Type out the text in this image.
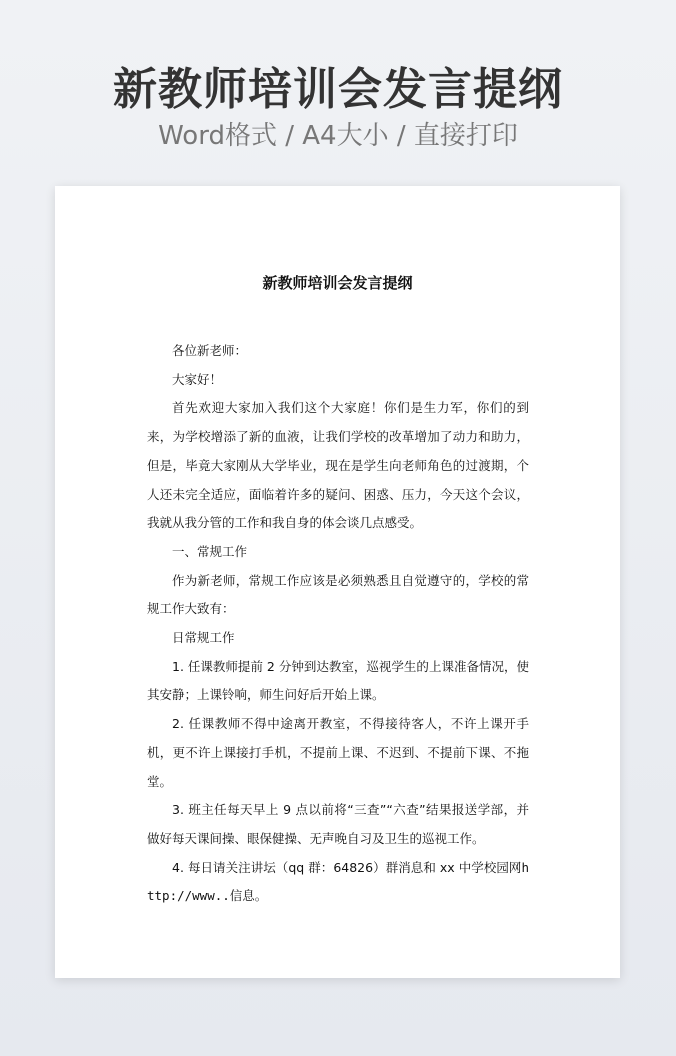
新教师培训会发言提纲
Word格式 / A4大小 / 直接打印
新教师培训会发言提纲

各位新老师：

大家好！

首先欢迎大家加入我们这个大家庭！你们是生力军，你们的到来，为学校增添了新的血液，让我们学校的改革增加了动力和助力，但是，毕竟大家刚从大学毕业，现在是学生向老师角色的过渡期，个人还未完全适应，面临着许多的疑问、困惑、压力，今天这个会议，我就从我分管的工作和我自身的体会谈几点感受。

一、常规工作

作为新老师，常规工作应该是必须熟悉且自觉遵守的，学校的常规工作大致有：

日常规工作

1. 任课教师提前 2 分钟到达教室，巡视学生的上课准备情况，使其安静；上课铃响，师生问好后开始上课。

2. 任课教师不得中途离开教室，不得接待客人，不许上课开手机，更不许上课接打手机，不提前上课、不迟到、不提前下课、不拖堂。

3. 班主任每天早上 9 点以前将“三查”“六查”结果报送学部，并做好每天课间操、眼保健操、无声晚自习及卫生的巡视工作。

4. 每日请关注讲坛（qq 群：64826）群消息和 xx 中学校园网http://www..信息。
